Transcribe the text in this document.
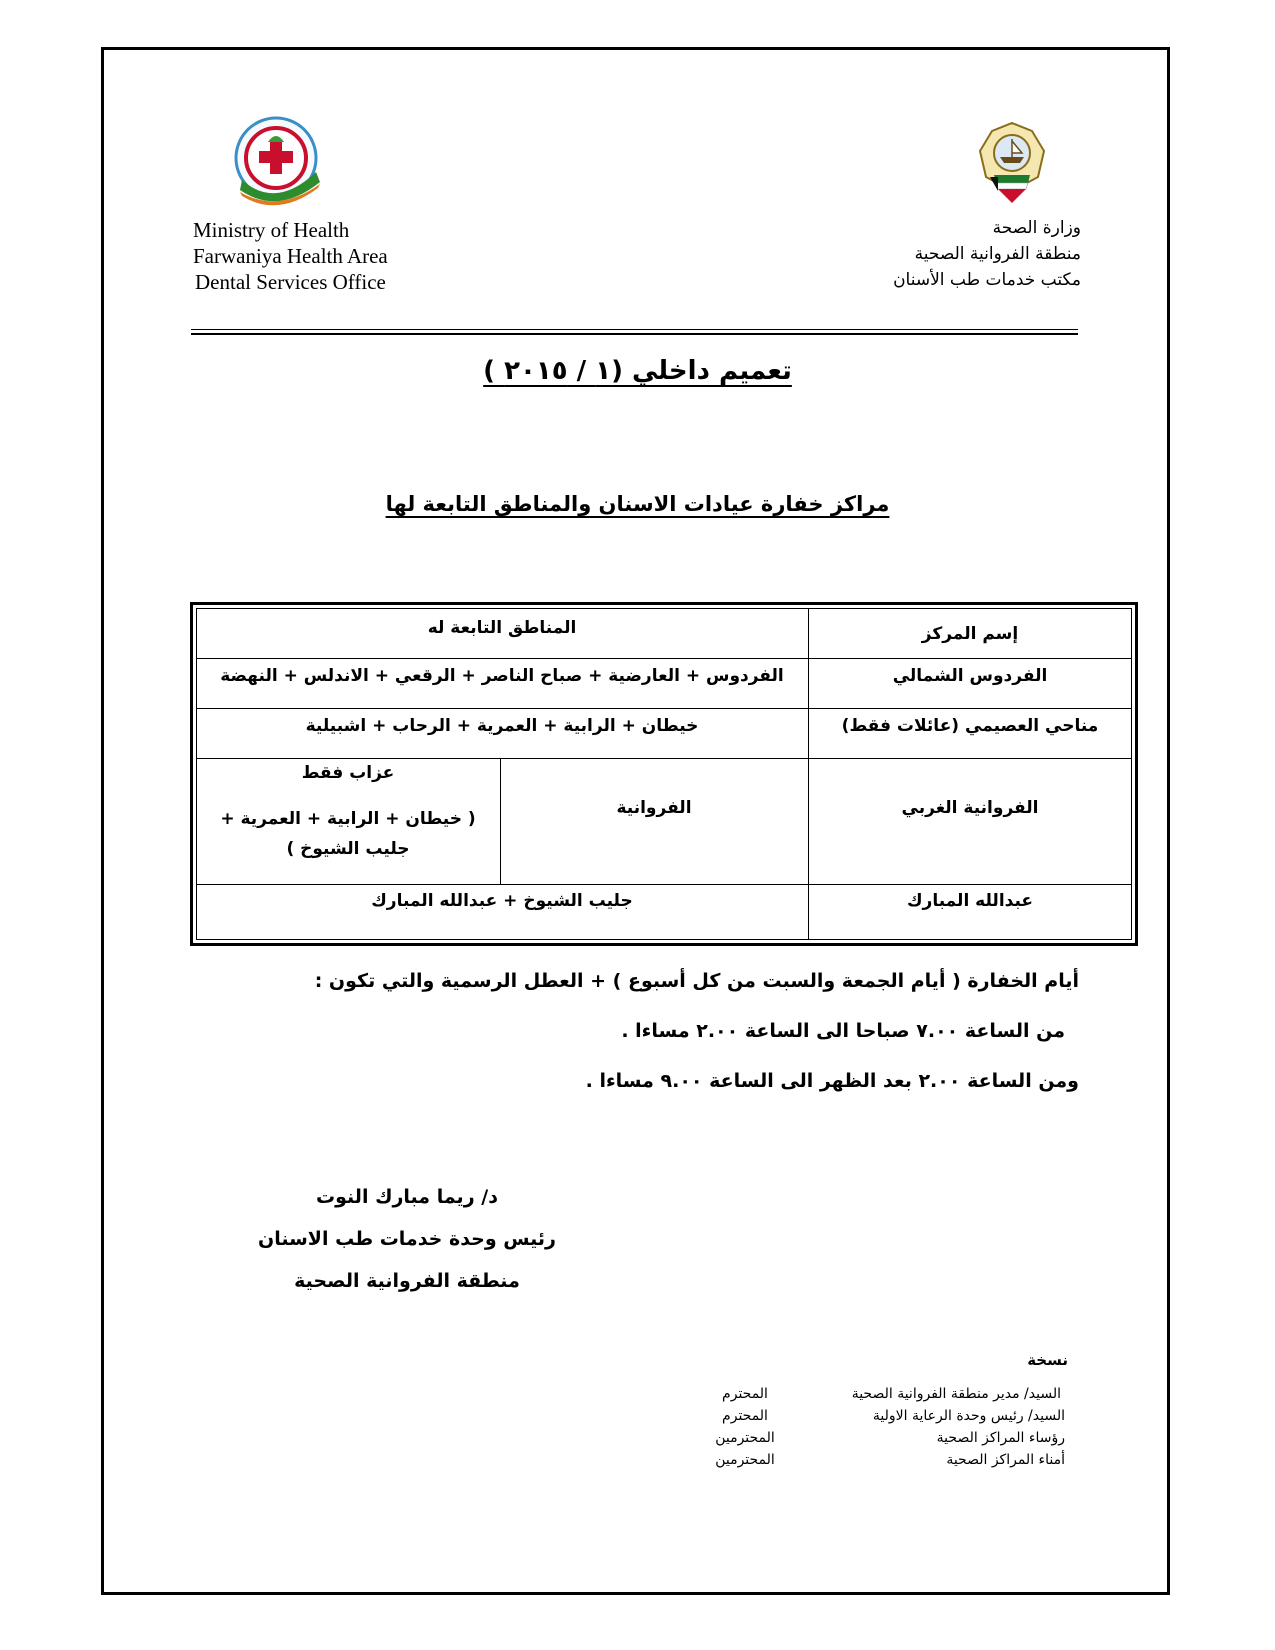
Ministry of Health
Farwaniya Health Area
Dental Services Office
وزارة الصحة
منطقة الفروانية الصحية
مكتب خدمات طب الأسنان
تعميم داخلي (١ / ٢٠١٥ )
مراكز خفارة عيادات الاسنان والمناطق التابعة لها
إسم المركز
المناطق التابعة له
الفردوس الشمالي
الفردوس + العارضية + صباح الناصر + الرقعي + الاندلس + النهضة
مناحي العصيمي (عائلات فقط)
خيطان + الرابية + العمرية + الرحاب + اشبيلية
الفروانية الغربي
الفروانية
عزاب فقط
( خيطان + الرابية + العمرية +
جليب الشيوخ )
عبدالله المبارك
جليب الشيوخ + عبدالله المبارك
أيام الخفارة ( أيام الجمعة والسبت من كل أسبوع ) + العطل الرسمية والتي تكون :
من الساعة ٧.٠٠ صباحا الى الساعة ٢.٠٠ مساءا .
ومن الساعة ٢.٠٠ بعد الظهر الى الساعة ٩.٠٠ مساءا .
د/ ريما مبارك النوت
رئيس وحدة خدمات طب الاسنان
منطقة الفروانية الصحية
نسخة
السيد/ مدير منطقة الفروانية الصحية
المحترم
السيد/ رئيس وحدة الرعاية الاولية
المحترم
رؤساء المراكز الصحية
المحترمين
أمناء المراكز الصحية
المحترمين
